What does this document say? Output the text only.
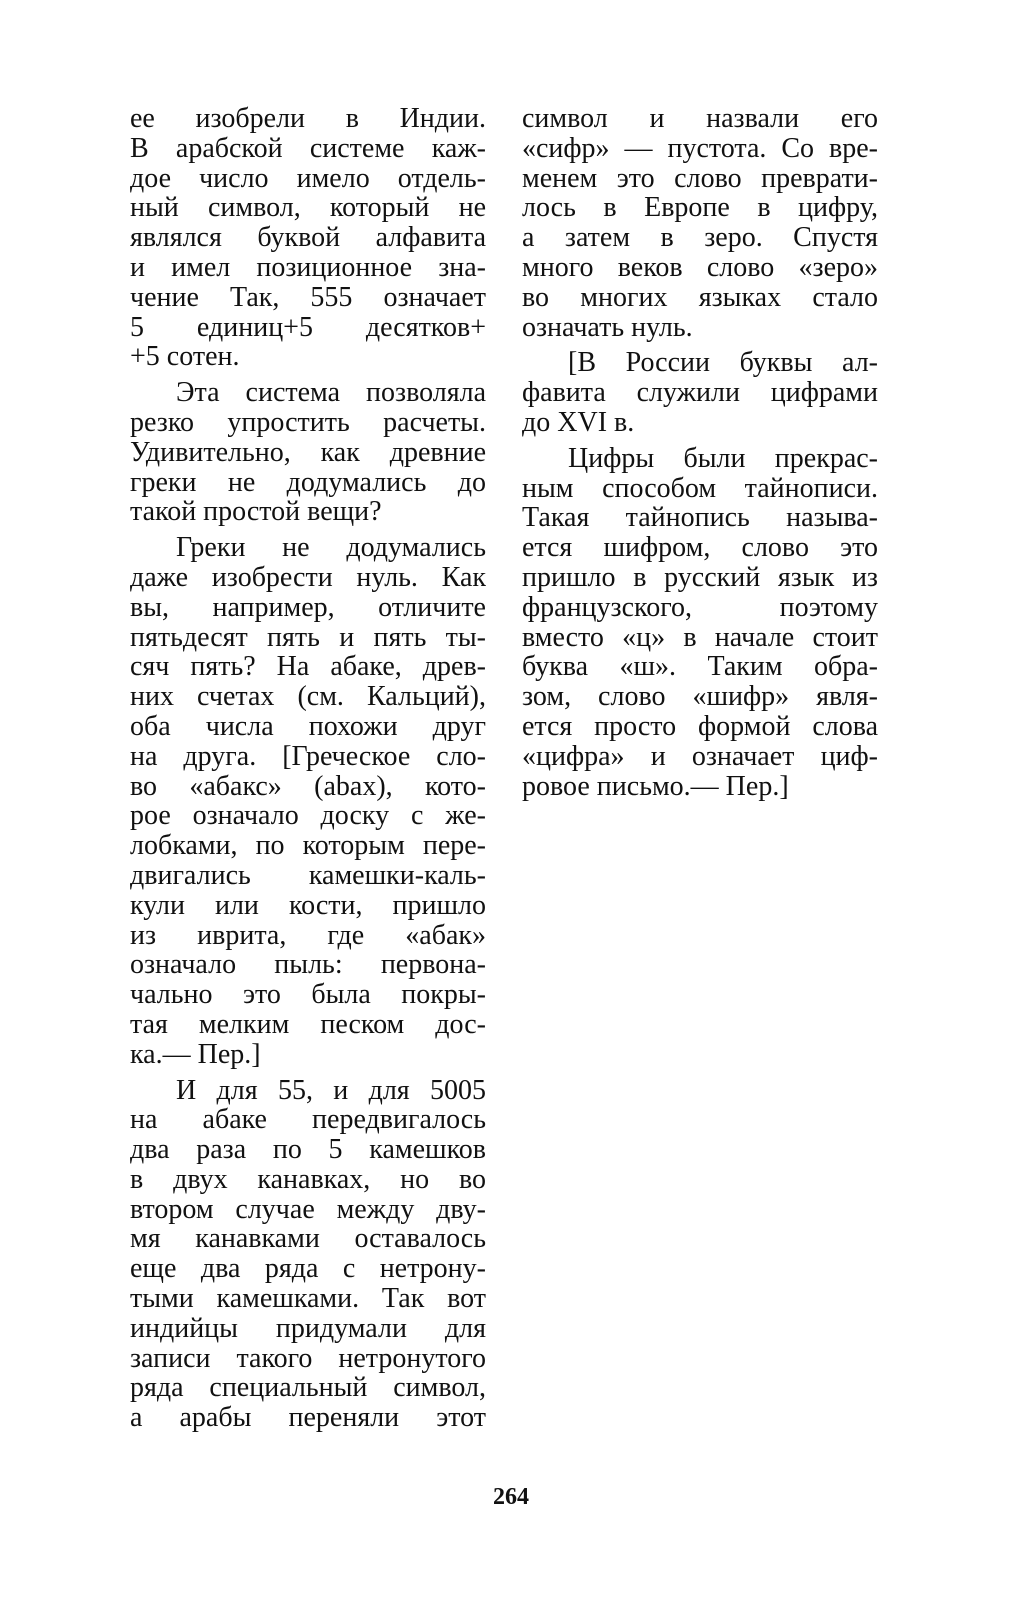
ее изобрели в Индии.
В арабской системе каж-
дое число имело отдель-
ный символ, который не
являлся буквой алфавита
и имел позиционное зна-
чение Так, 555 означает
5 единиц+5 десятков+
+5 сотен.
Эта система позволяла
резко упростить расчеты.
Удивительно, как древние
греки не додумались до
такой простой вещи?
Греки не додумались
даже изобрести нуль. Как
вы, например, отличите
пятьдесят пять и пять ты-
сяч пять? На абаке, древ-
них счетах (см. Кальций),
оба числа похожи друг
на друга. [Греческое сло-
во «абакс» (abax), кото-
рое означало доску с же-
лобками, по которым пере-
двигались камешки-каль-
кули или кости, пришло
из иврита, где «абак»
означало пыль: первона-
чально это была покры-
тая мелким песком дос-
ка.— Пер.]
И для 55, и для 5005
на абаке передвигалось
два раза по 5 камешков
в двух канавках, но во
втором случае между дву-
мя канавками оставалось
еще два ряда с нетрону-
тыми камешками. Так вот
индийцы придумали для
записи такого нетронутого
ряда специальный символ,
а арабы переняли этот
символ и назвали его
«сифр» — пустота. Со вре-
менем это слово преврати-
лось в Европе в цифру,
а затем в зеро. Спустя
много веков слово «зеро»
во многих языках стало
означать нуль.
[В России буквы ал-
фавита служили цифрами
до XVI в.
Цифры были прекрас-
ным способом тайнописи.
Такая тайнопись называ-
ется шифром, слово это
пришло в русский язык из
французского, поэтому
вместо «ц» в начале стоит
буква «ш». Таким обра-
зом, слово «шифр» явля-
ется просто формой слова
«цифра» и означает циф-
ровое письмо.— Пер.]
264
